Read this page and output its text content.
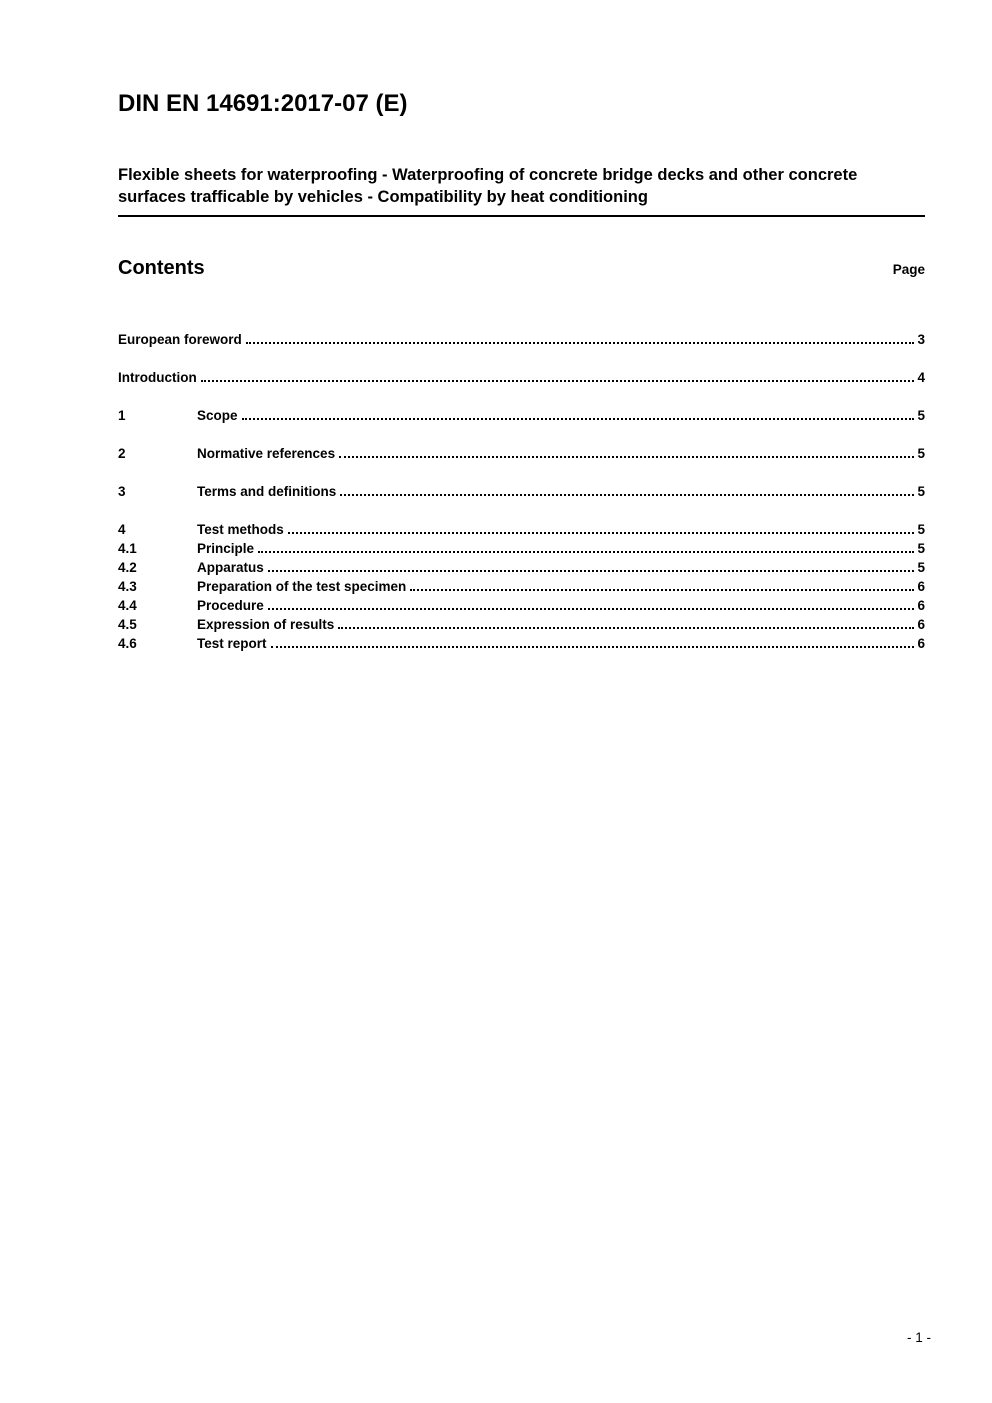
DIN EN 14691:2017-07 (E)
Flexible sheets for waterproofing - Waterproofing of concrete bridge decks and other concrete surfaces trafficable by vehicles - Compatibility by heat conditioning
Contents	Page
European foreword	3
Introduction	4
1	Scope	5
2	Normative references	5
3	Terms and definitions	5
4	Test methods	5
4.1	Principle	5
4.2	Apparatus	5
4.3	Preparation of the test specimen	6
4.4	Procedure	6
4.5	Expression of results	6
4.6	Test report	6
- 1 -
